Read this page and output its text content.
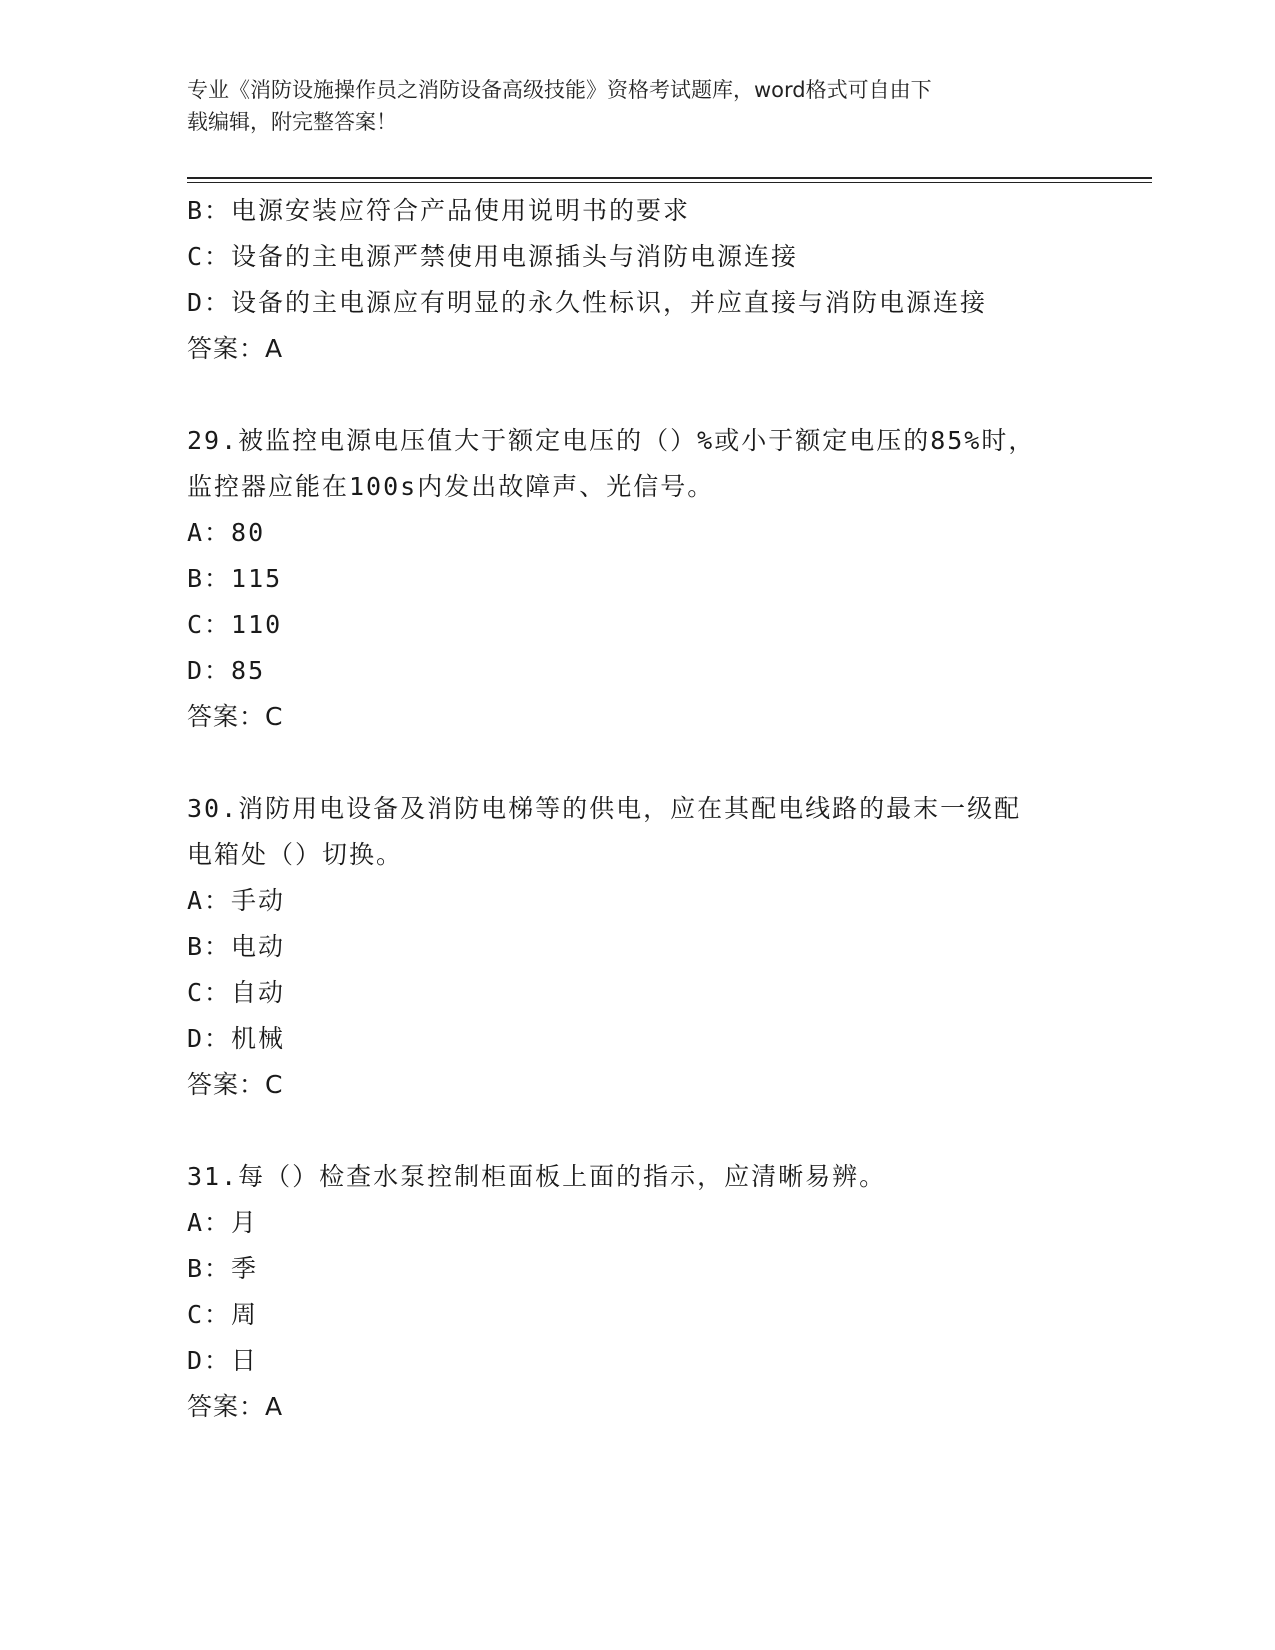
专业《消防设施操作员之消防设备高级技能》资格考试题库，word格式可自由下
载编辑，附完整答案！
B：电源安装应符合产品使用说明书的要求
C：设备的主电源严禁使用电源插头与消防电源连接
D：设备的主电源应有明显的永久性标识，并应直接与消防电源连接
答案：A
29.被监控电源电压值大于额定电压的（）%或小于额定电压的85%时，
监控器应能在100s内发出故障声、光信号。
A：80
B：115
C：110
D：85
答案：C
30.消防用电设备及消防电梯等的供电，应在其配电线路的最末一级配
电箱处（）切换。
A：手动
B：电动
C：自动
D：机械
答案：C
31.每（）检查水泵控制柜面板上面的指示，应清晰易辨。
A：月
B：季
C：周
D：日
答案：A
